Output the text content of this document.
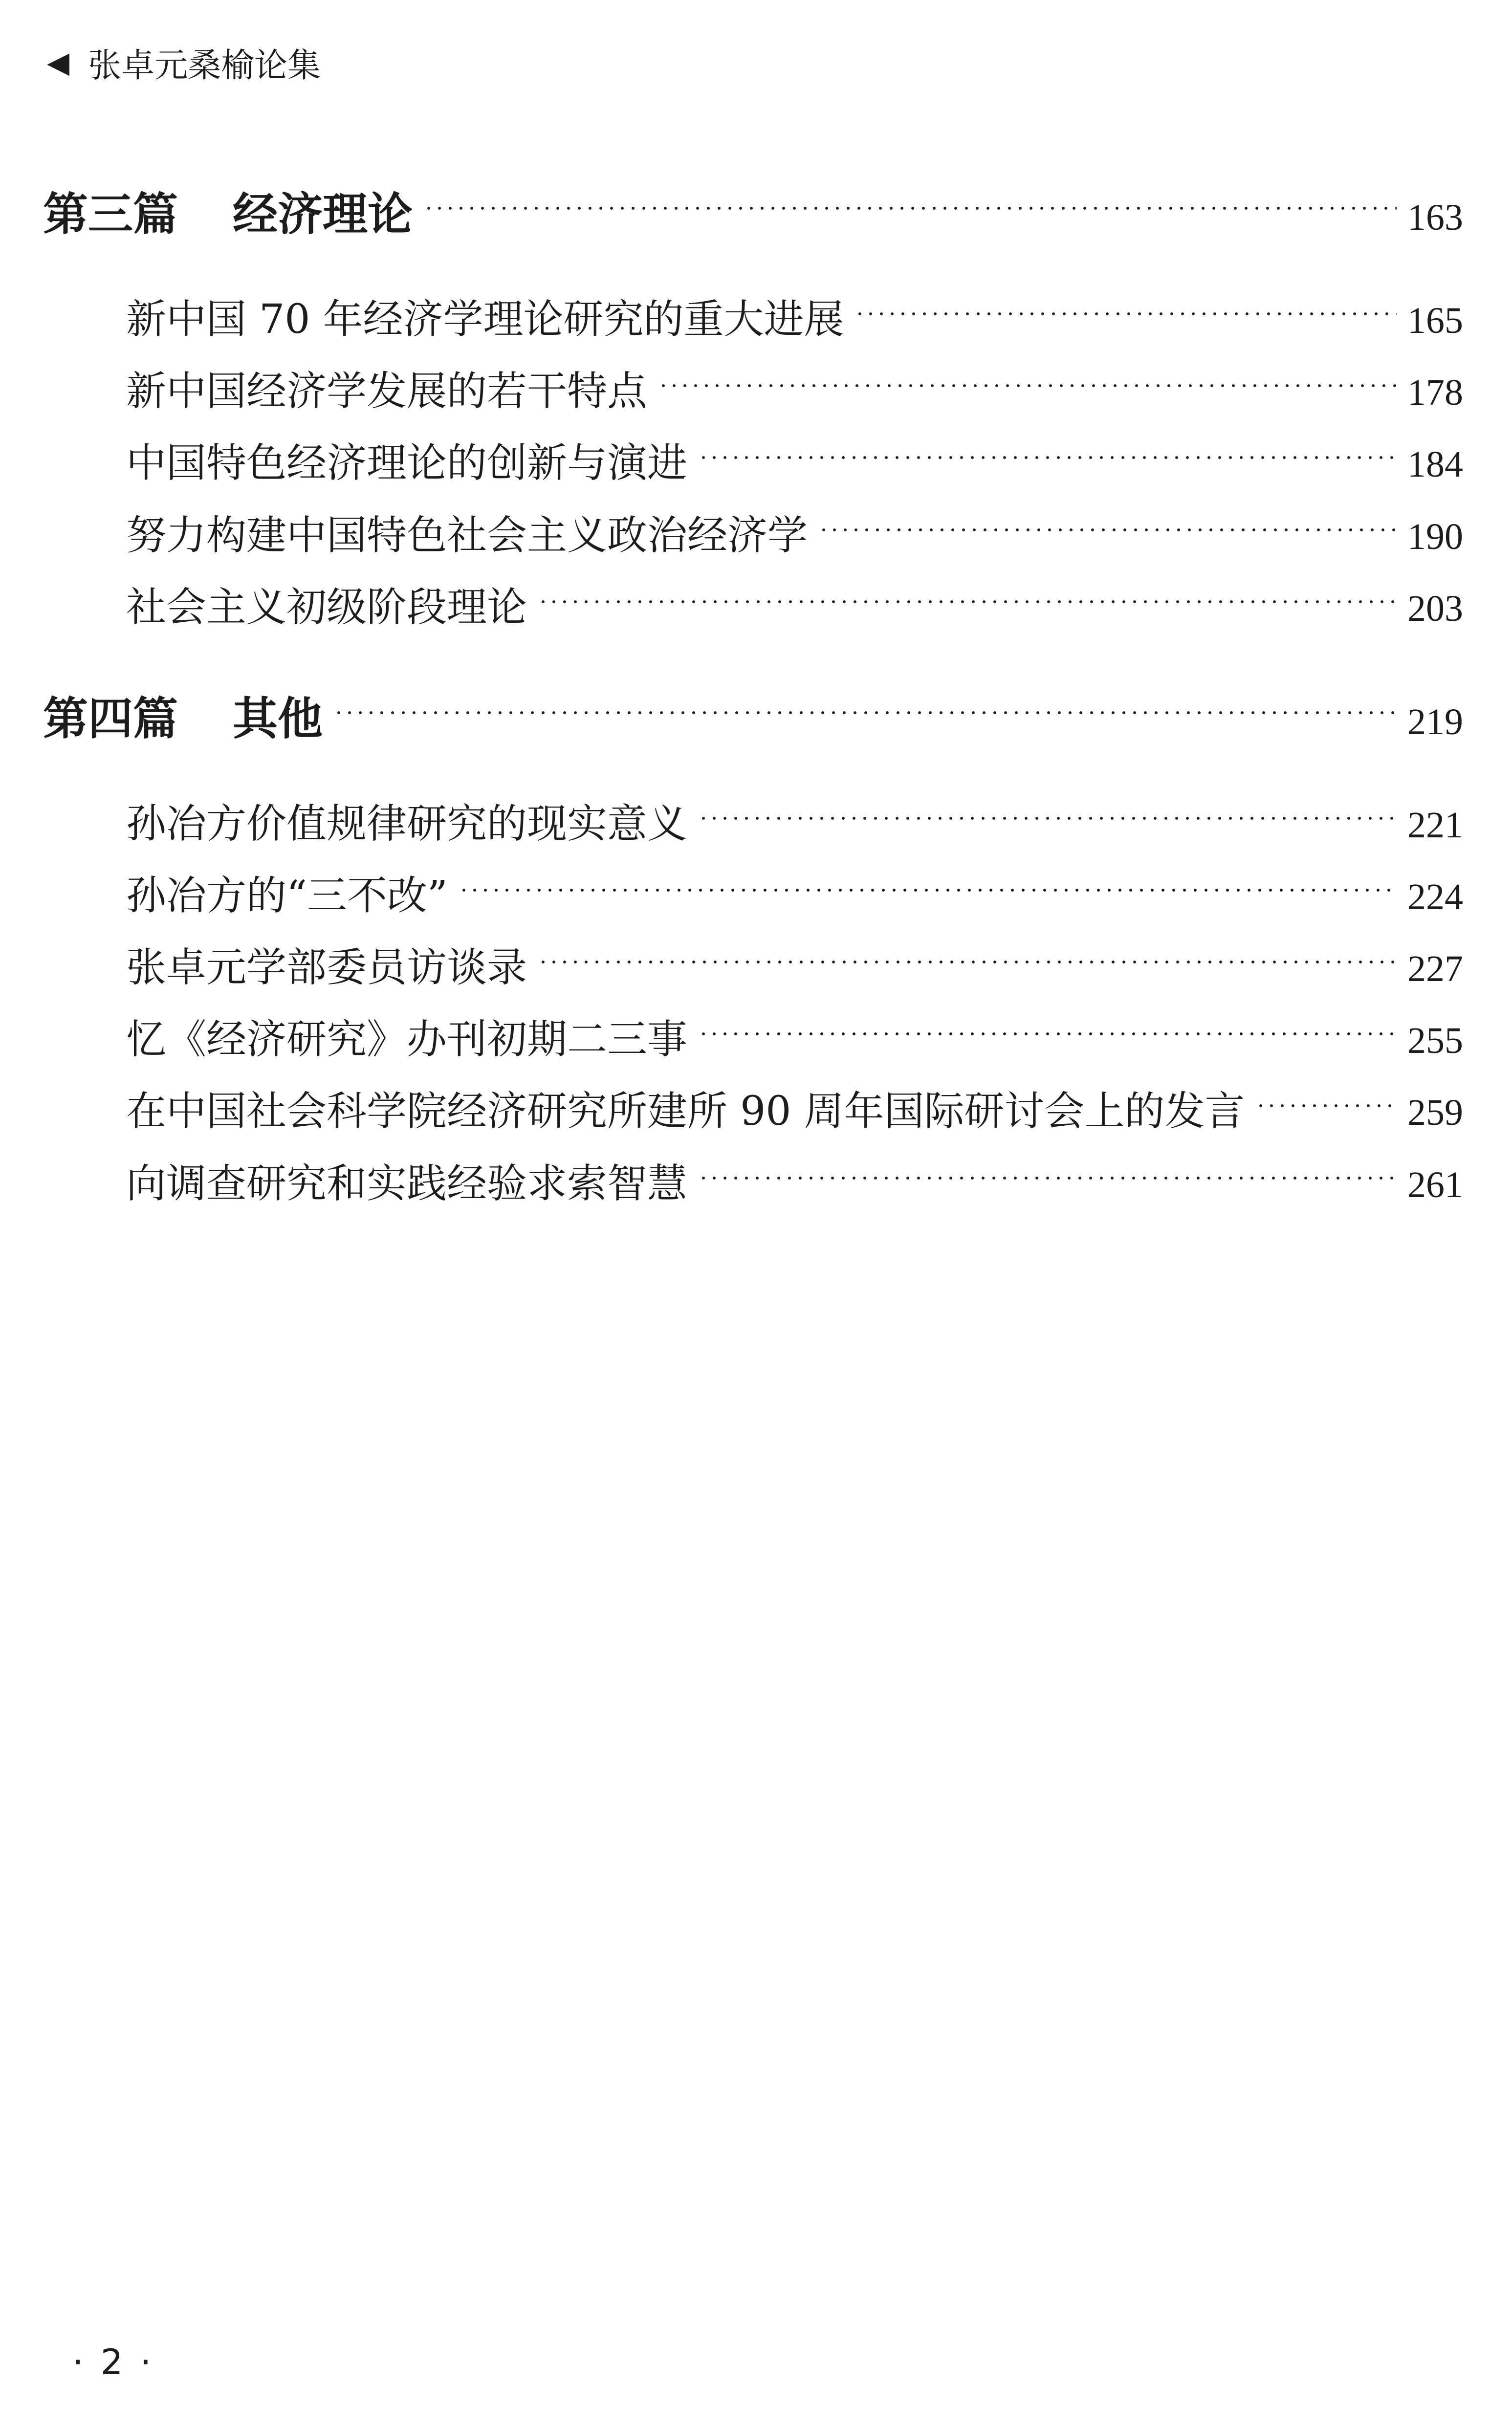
◀ 张卓元桑榆论集
第三篇 经济理论	163
新中国 70 年经济学理论研究的重大进展	165
新中国经济学发展的若干特点	178
中国特色经济理论的创新与演进	184
努力构建中国特色社会主义政治经济学	190
社会主义初级阶段理论	203
第四篇 其他	219
孙冶方价值规律研究的现实意义	221
孙冶方的“三不改”	224
张卓元学部委员访谈录	227
忆《经济研究》办刊初期二三事	255
在中国社会科学院经济研究所建所 90 周年国际研讨会上的发言	259
向调查研究和实践经验求索智慧	261
· 2 ·
